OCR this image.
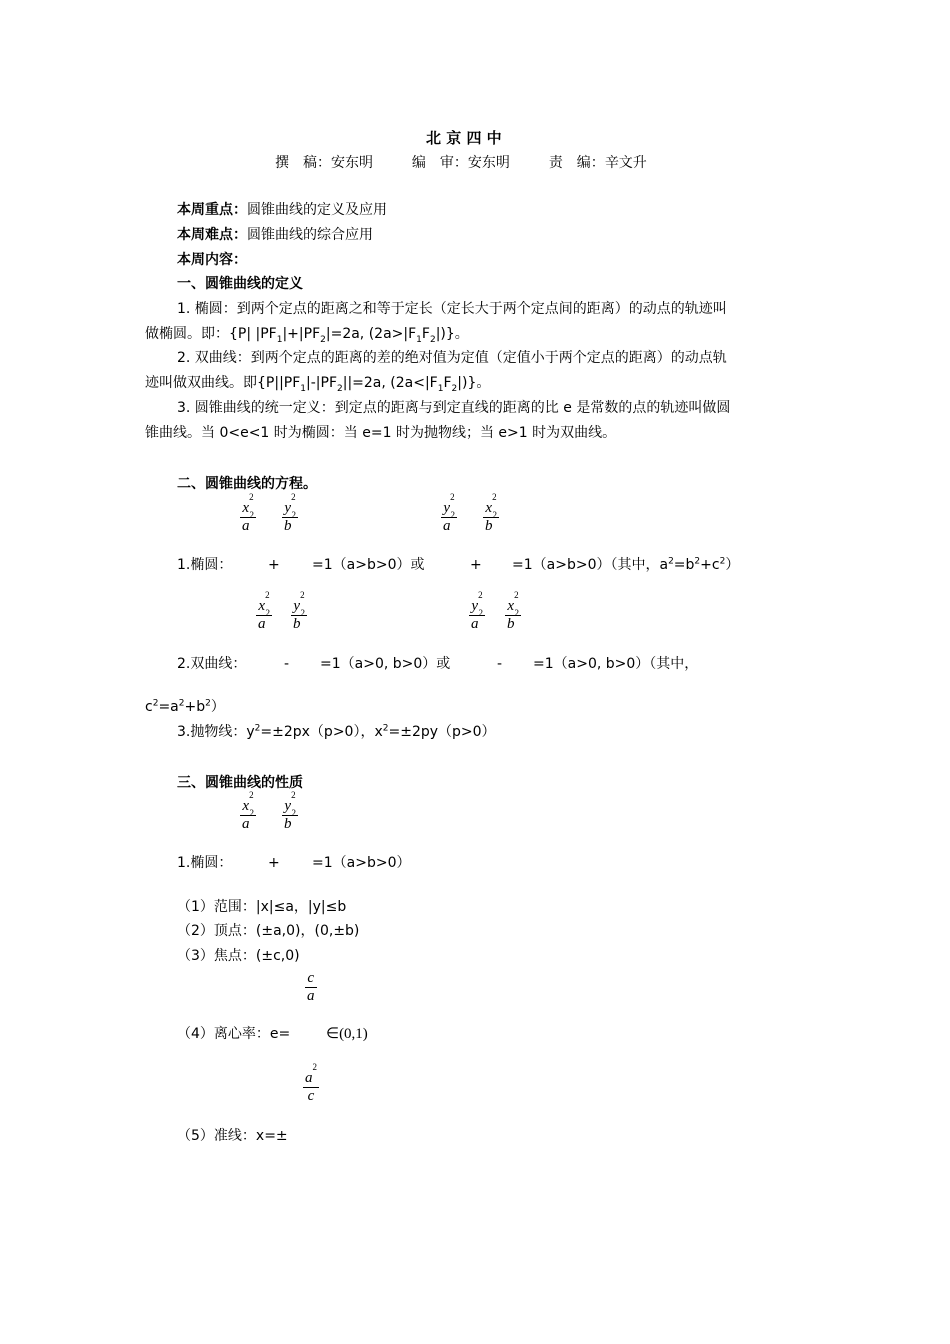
北 京 四 中
撰　稿：安东明	编　审：安东明	责　编：辛文升
本周重点：圆锥曲线的定义及应用
本周难点：圆锥曲线的综合应用
本周内容：
一、圆锥曲线的定义
1. 椭圆：到两个定点的距离之和等于定长（定长大于两个定点间的距离）的动点的轨迹叫
做椭圆。即：{P| $|PF_1|+|PF_2|=2a$, $(2a>|F_1F_2|)$}。
2. 双曲线：到两个定点的距离的差的绝对值为定值（定值小于两个定点的距离）的动点轨
迹叫做双曲线。即{$P||PF_1|-|PF_2||=2a$, $(2a<|F_1F_2|)$}。
3. 圆锥曲线的统一定义：到定点的距离与到定直线的距离的比 e 是常数的点的轨迹叫做圆
锥曲线。当 0<e<1 时为椭圆：当 e=1 时为抛物线；当 e>1 时为双曲线。
二、圆锥曲线的方程。
$x^2$
$a^2$ $y^2$
$b^2$	$y^2$
$a^2$ $x^2$
$b^2$
1.椭圆：	+ =1（a>b>0）或	+ =1（a>b>0）（其中，$a^2=b^2+c^2$）
$x^2$
$a^2$ $y^2$
$b^2$	$y^2$
$a^2$ $x^2$
$b^2$
2.双曲线：	- =1（a>0, b>0）或	- =1（a>0, b>0）（其中，
$c^2=a^2+b^2$）
3.抛物线：$y^2=\pm 2px(p>0)$，$x^2=\pm 2py(p>0)$
三、圆锥曲线的性质
$x^2$
$a^2$ $y^2$
$b^2$
1.椭圆：	+ =1（a>b>0）
（1）范围：|x|≤a，|y|≤b
（2）顶点：(±a,0)，(0,±b)
（3）焦点：(±c,0)
c
a
（4）离心率：e= ∈(0,1)
$a^2$
c
（5）准线：x=±
